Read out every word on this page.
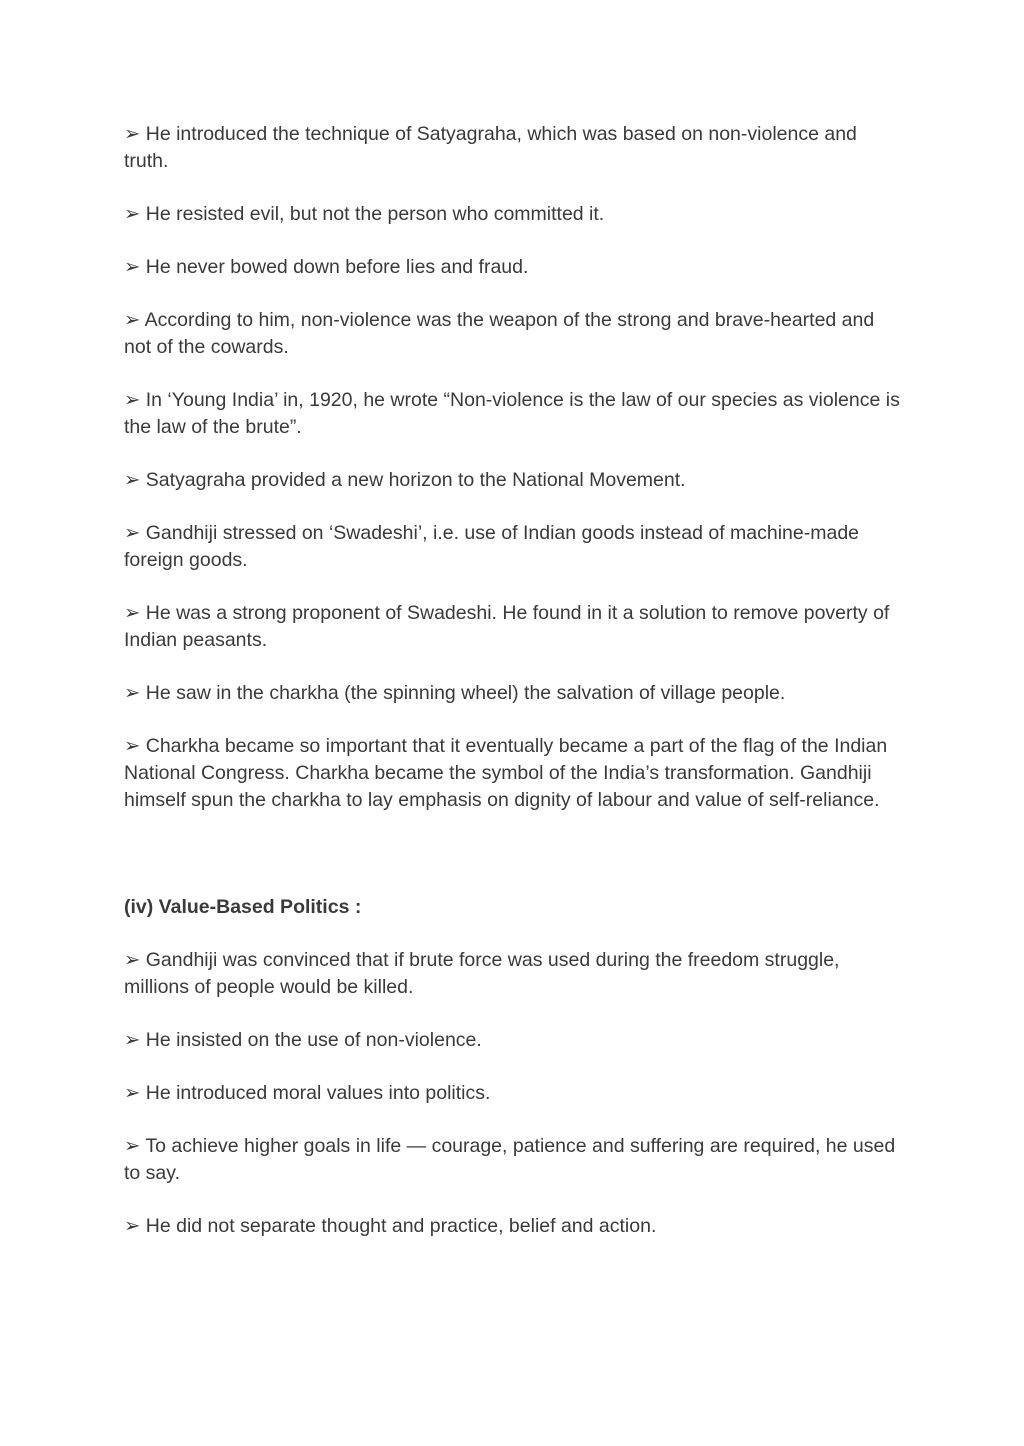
➢ He introduced the technique of Satyagraha, which was based on non-violence and truth.

➢ He resisted evil, but not the person who committed it.

➢ He never bowed down before lies and fraud.

➢ According to him, non-violence was the weapon of the strong and brave-hearted and not of the cowards.

➢ In ‘Young India’ in, 1920, he wrote “Non-violence is the law of our species as violence is the law of the brute”.

➢ Satyagraha provided a new horizon to the National Movement.

➢ Gandhiji stressed on ‘Swadeshi’, i.e. use of Indian goods instead of machine-made foreign goods.

➢ He was a strong proponent of Swadeshi. He found in it a solution to remove poverty of Indian peasants.

➢ He saw in the charkha (the spinning wheel) the salvation of village people.

➢ Charkha became so important that it eventually became a part of the flag of the Indian National Congress. Charkha became the symbol of the India’s transformation. Gandhiji himself spun the charkha to lay emphasis on dignity of labour and value of self-reliance.

(iv) Value-Based Politics :

➢ Gandhiji was convinced that if brute force was used during the freedom struggle, millions of people would be killed.

➢ He insisted on the use of non-violence.

➢ He introduced moral values into politics.

➢ To achieve higher goals in life — courage, patience and suffering are required, he used to say.

➢ He did not separate thought and practice, belief and action.
